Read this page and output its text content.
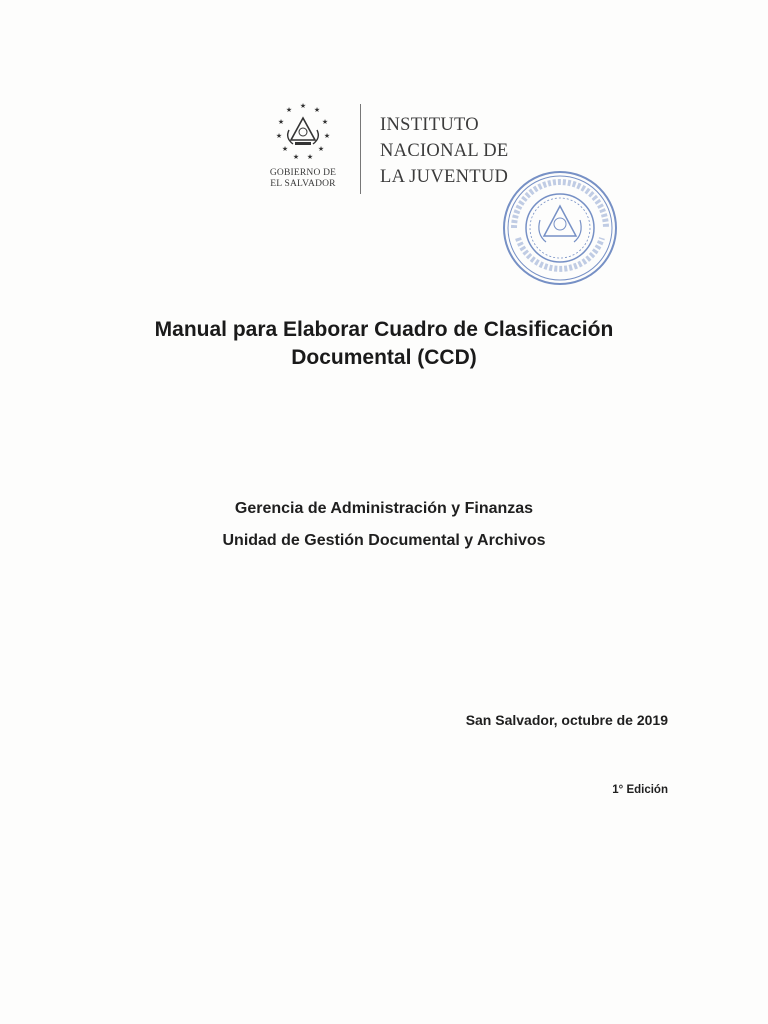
★ ★
★
★
★
★
★
★
★
★
★
GOBIERNO DE
EL SALVADOR
INSTITUTO
NACIONAL DE
LA JUVENTUD
Manual para Elaborar Cuadro de Clasificación
Documental (CCD)
Gerencia de Administración y Finanzas
Unidad de Gestión Documental y Archivos
San Salvador, octubre de 2019
1° Edición
